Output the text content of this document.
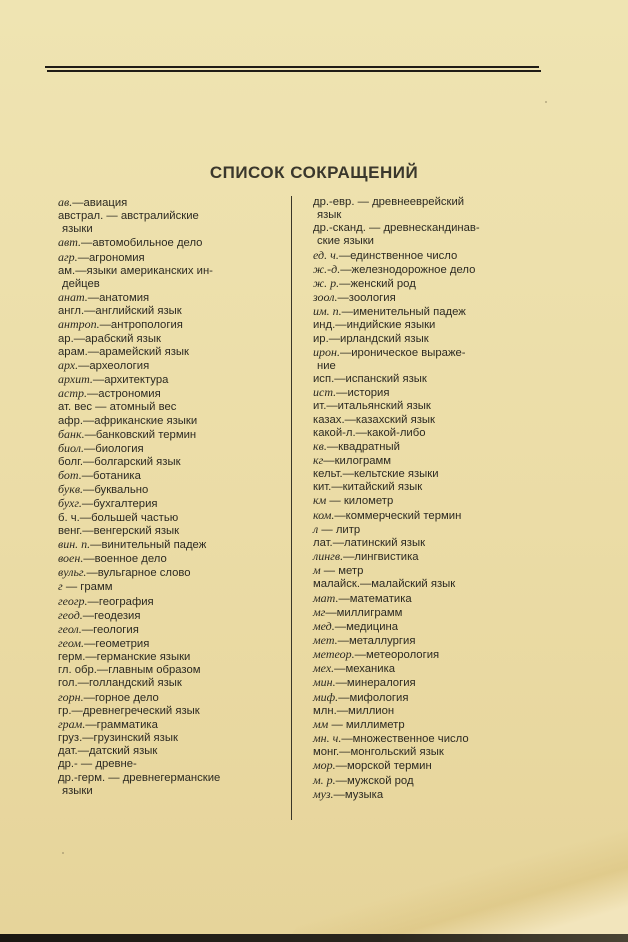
СПИСОК СОКРАЩЕНИЙ
ав.—авиация
австрал. — австралийские
языки
авт.—автомобильное дело
агр.—агрономия
ам.—языки американских ин-
дейцев
анат.—анатомия
англ.—английский язык
антроп.—антропология
ар.—арабский язык
арам.—арамейский язык
арх.—археология
архит.—архитектура
астр.—астрономия
ат. вес — атомный вес
афр.—африканские языки
банк.—банковский термин
биол.—биология
болг.—болгарский язык
бот.—ботаника
букв.—буквально
бухг.—бухгалтерия
б. ч.—большей частью
венг.—венгерский язык
вин. п.—винительный падеж
воен.—военное дело
вульг.—вульгарное слово
г — грамм
геогр.—география
геод.—геодезия
геол.—геология
геом.—геометрия
герм.—германские языки
гл. обр.—главным образом
гол.—голландский язык
горн.—горное дело
гр.—древнегреческий язык
грам.—грамматика
груз.—грузинский язык
дат.—датский язык
др.- — древне-
др.-герм. — древнегерманские
языки
др.-евр. — древнееврейский
язык
др.-сканд. — древнескандинав-
ские языки
ед. ч.—единственное число
ж.-д.—железнодорожное дело
ж. р.—женский род
зоол.—зоология
им. п.—именительный падеж
инд.—индийские языки
ир.—ирландский язык
ирон.—ироническое выраже-
ние
исп.—испанский язык
ист.—история
ит.—итальянский язык
казах.—казахский язык
какой-л.—какой-либо
кв.—квадратный
кг—килограмм
кельт.—кельтские языки
кит.—китайский язык
км — километр
ком.—коммерческий термин
л — литр
лат.—латинский язык
лингв.—лингвистика
м — метр
малайск.—малайский язык
мат.—математика
мг—миллиграмм
мед.—медицина
мет.—металлургия
метеор.—метеорология
мех.—механика
мин.—минералогия
миф.—мифология
млн.—миллион
мм — миллиметр
мн. ч.—множественное число
монг.—монгольский язык
мор.—морской термин
м. р.—мужской род
муз.—музыка
